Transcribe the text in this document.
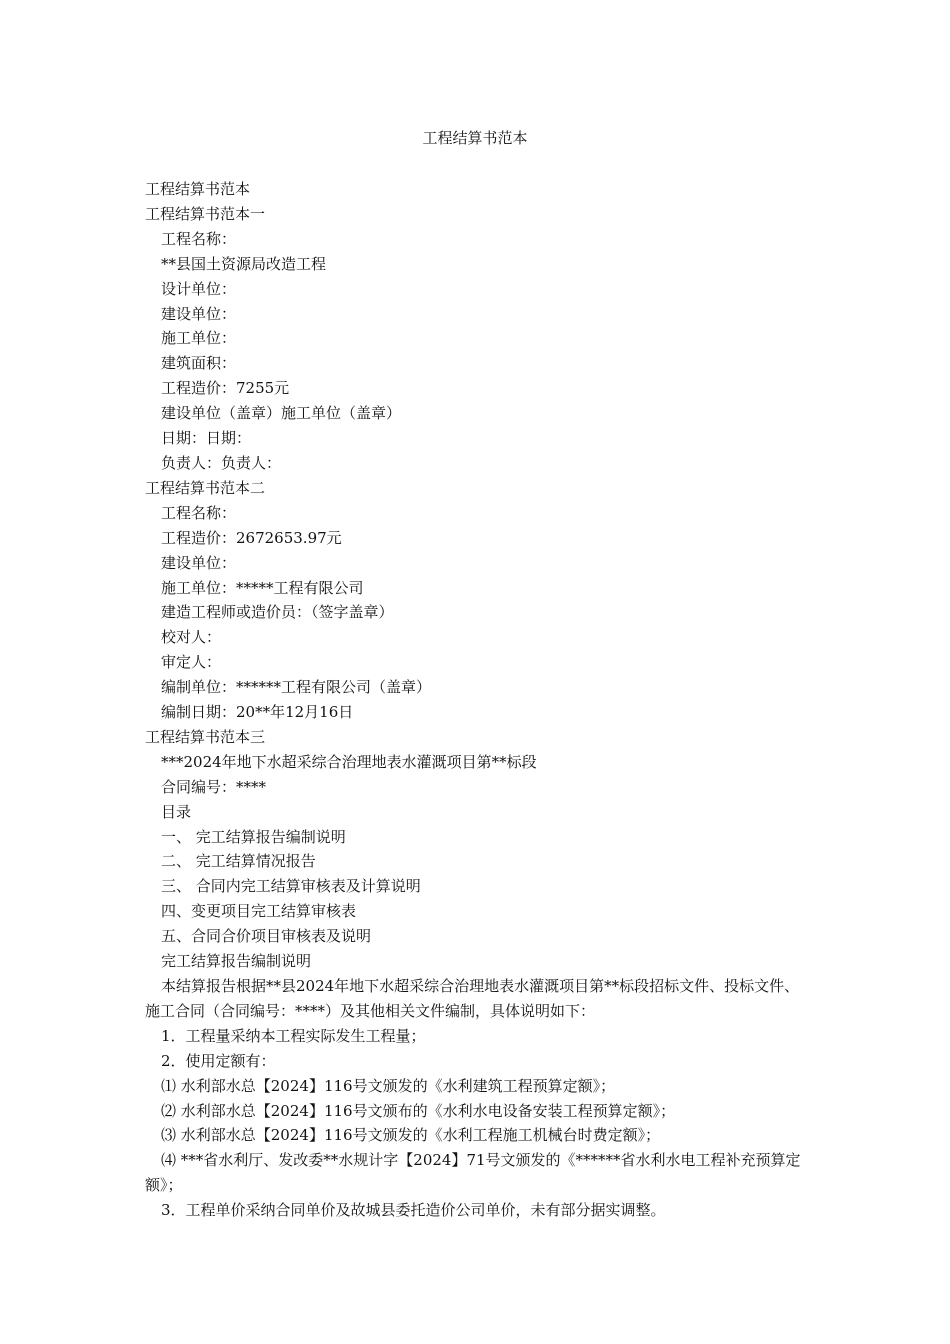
工程结算书范本
工程结算书范本
工程结算书范本一
工程名称：
**县国土资源局改造工程
设计单位：
建设单位：
施工单位：
建筑面积：
工程造价：7255元
建设单位（盖章）施工单位（盖章）
日期：日期：
负责人：负责人：
工程结算书范本二
工程名称：
工程造价：2672653.97元
建设单位：
施工单位：*****工程有限公司
建造工程师或造价员：（签字盖章）
校对人：
审定人：
编制单位：******工程有限公司（盖章）
编制日期：20**年12月16日
工程结算书范本三
***2024年地下水超采综合治理地表水灌溉项目第**标段
合同编号：****
目录
一、 完工结算报告编制说明
二、 完工结算情况报告
三、 合同内完工结算审核表及计算说明
四、变更项目完工结算审核表
五、合同合价项目审核表及说明
完工结算报告编制说明
本结算报告根据**县2024年地下水超采综合治理地表水灌溉项目第**标段招标文件、投标文件、施工合同（合同编号：****）及其他相关文件编制，具体说明如下：
1．工程量采纳本工程实际发生工程量；
2．使用定额有：
⑴ 水利部水总【2024】116号文颁发的《水利建筑工程预算定额》；
⑵ 水利部水总【2024】116号文颁布的《水利水电设备安装工程预算定额》；
⑶ 水利部水总【2024】116号文颁发的《水利工程施工机械台时费定额》；
⑷ ***省水利厅、发改委**水规计字【2024】71号文颁发的《******省水利水电工程补充预算定额》；
3．工程单价采纳合同单价及故城县委托造价公司单价，未有部分据实调整。
